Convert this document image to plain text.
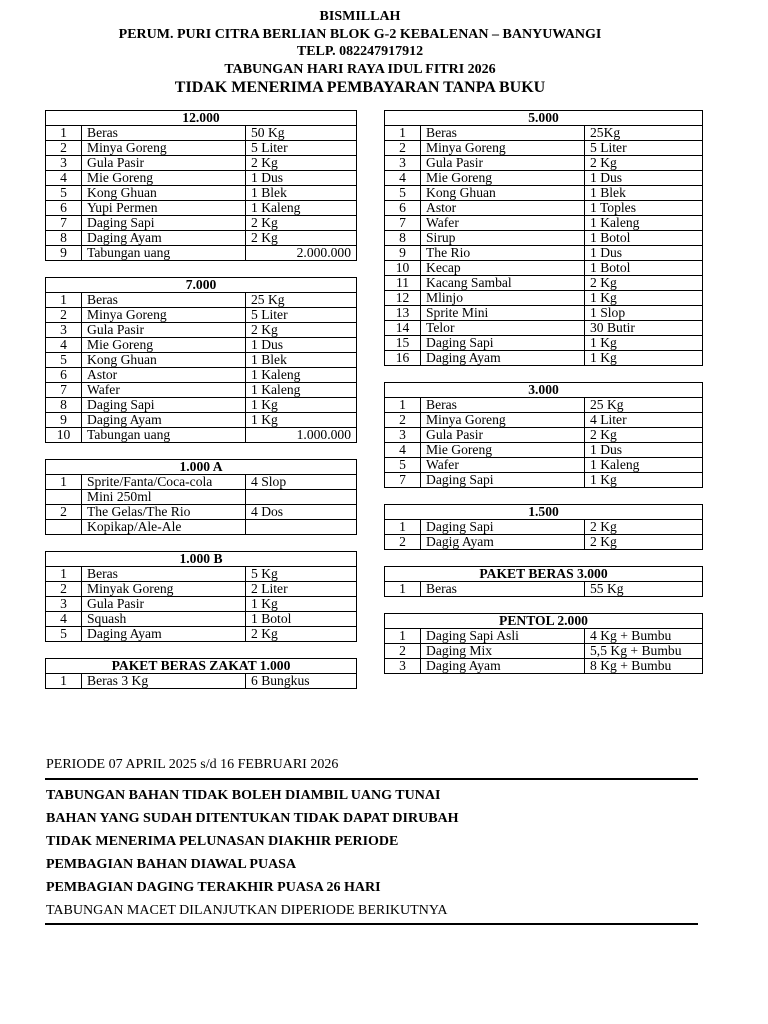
BISMILLAH
PERUM. PURI CITRA BERLIAN BLOK G-2 KEBALENAN – BANYUWANGI
TELP. 082247917912
TABUNGAN HARI RAYA IDUL FITRI 2026
TIDAK MENERIMA PEMBAYARAN TANPA BUKU
12.000		
1	Beras	50 Kg
2	Minya Goreng	5 Liter
3	Gula Pasir	2 Kg
4	Mie Goreng	1 Dus
5	Kong Ghuan	1 Blek
6	Yupi Permen	1 Kaleng
7	Daging Sapi	2 Kg
8	Daging Ayam	2 Kg
9	Tabungan uang	2.000.000
7.000		
1	Beras	25 Kg
2	Minya Goreng	5 Liter
3	Gula Pasir	2 Kg
4	Mie Goreng	1 Dus
5	Kong Ghuan	1 Blek
6	Astor	1 Kaleng
7	Wafer	1 Kaleng
8	Daging Sapi	1 Kg
9	Daging Ayam	1 Kg
10	Tabungan uang	1.000.000
1.000 A		
1	Sprite/Fanta/Coca-cola	4 Slop
	Mini 250ml	
2	The Gelas/The Rio	4 Dos
	Kopikap/Ale-Ale	
1.000 B		
1	Beras	5 Kg
2	Minyak Goreng	2 Liter
3	Gula Pasir	1 Kg
4	Squash	1 Botol
5	Daging Ayam	2 Kg
PAKET BERAS ZAKAT 1.000
1	Beras 3 Kg	6 Bungkus
5.000		
1	Beras	25Kg
2	Minya Goreng	5 Liter
3	Gula Pasir	2 Kg
4	Mie Goreng	1 Dus
5	Kong Ghuan	1 Blek
6	Astor	1 Toples
7	Wafer	1 Kaleng
8	Sirup	1 Botol
9	The Rio	1 Dus
10	Kecap	1 Botol
11	Kacang Sambal	2 Kg
12	Mlinjo	1 Kg
13	Sprite Mini	1 Slop
14	Telor	30 Butir
15	Daging Sapi	1 Kg
16	Daging Ayam	1 Kg
3.000		
1	Beras	25 Kg
2	Minya Goreng	4 Liter
3	Gula Pasir	2 Kg
4	Mie Goreng	1 Dus
5	Wafer	1 Kaleng
7	Daging Sapi	1 Kg
1.500		
1	Daging Sapi	2 Kg
2	Dagig Ayam	2 Kg
PAKET BERAS 3.000
1	Beras	55 Kg
PENTOL 2.000		
1	Daging Sapi Asli	4 Kg + Bumbu
2	Daging Mix	5,5 Kg + Bumbu
3	Daging Ayam	8 Kg + Bumbu
PERIODE 07 APRIL 2025 s/d 16 FEBRUARI 2026
TABUNGAN BAHAN TIDAK BOLEH DIAMBIL UANG TUNAI
BAHAN YANG SUDAH DITENTUKAN TIDAK DAPAT DIRUBAH
TIDAK MENERIMA PELUNASAN DIAKHIR PERIODE
PEMBAGIAN BAHAN DIAWAL PUASA
PEMBAGIAN DAGING TERAKHIR PUASA 26 HARI
TABUNGAN MACET DILANJUTKAN DIPERIODE BERIKUTNYA
